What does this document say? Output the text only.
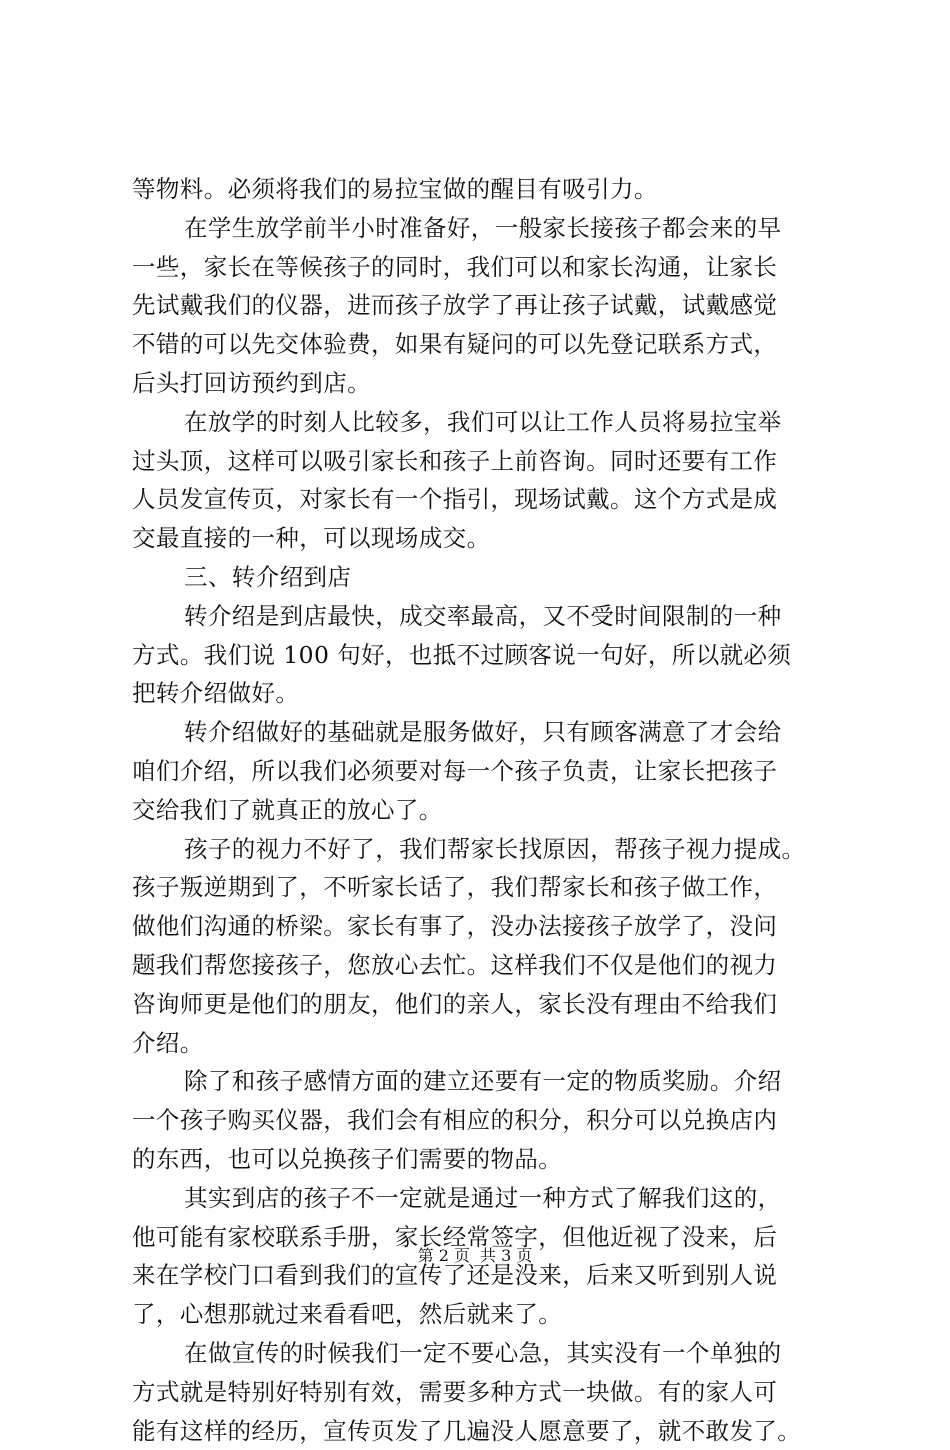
等物料。必须将我们的易拉宝做的醒目有吸引力。
在学生放学前半小时准备好，一般家长接孩子都会来的早
一些，家长在等候孩子的同时，我们可以和家长沟通，让家长
先试戴我们的仪器，进而孩子放学了再让孩子试戴，试戴感觉
不错的可以先交体验费，如果有疑问的可以先登记联系方式，
后头打回访预约到店。
在放学的时刻人比较多，我们可以让工作人员将易拉宝举
过头顶，这样可以吸引家长和孩子上前咨询。同时还要有工作
人员发宣传页，对家长有一个指引，现场试戴。这个方式是成
交最直接的一种，可以现场成交。
三、转介绍到店
转介绍是到店最快，成交率最高，又不受时间限制的一种
方式。我们说 100 句好，也抵不过顾客说一句好，所以就必须
把转介绍做好。
转介绍做好的基础就是服务做好，只有顾客满意了才会给
咱们介绍，所以我们必须要对每一个孩子负责，让家长把孩子
交给我们了就真正的放心了。
孩子的视力不好了，我们帮家长找原因，帮孩子视力提成。
孩子叛逆期到了，不听家长话了，我们帮家长和孩子做工作，
做他们沟通的桥梁。家长有事了，没办法接孩子放学了，没问
题我们帮您接孩子，您放心去忙。这样我们不仅是他们的视力
咨询师更是他们的朋友，他们的亲人，家长没有理由不给我们
介绍。
除了和孩子感情方面的建立还要有一定的物质奖励。介绍
一个孩子购买仪器，我们会有相应的积分，积分可以兑换店内
的东西，也可以兑换孩子们需要的物品。
其实到店的孩子不一定就是通过一种方式了解我们这的，
他可能有家校联系手册，家长经常签字，但他近视了没来，后
来在学校门口看到我们的宣传了还是没来，后来又听到别人说
了，心想那就过来看看吧，然后就来了。
在做宣传的时候我们一定不要心急，其实没有一个单独的
方式就是特别好特别有效，需要多种方式一块做。有的家人可
能有这样的经历，宣传页发了几遍没人愿意要了，就不敢发了。
第 2 页 共 3 页
